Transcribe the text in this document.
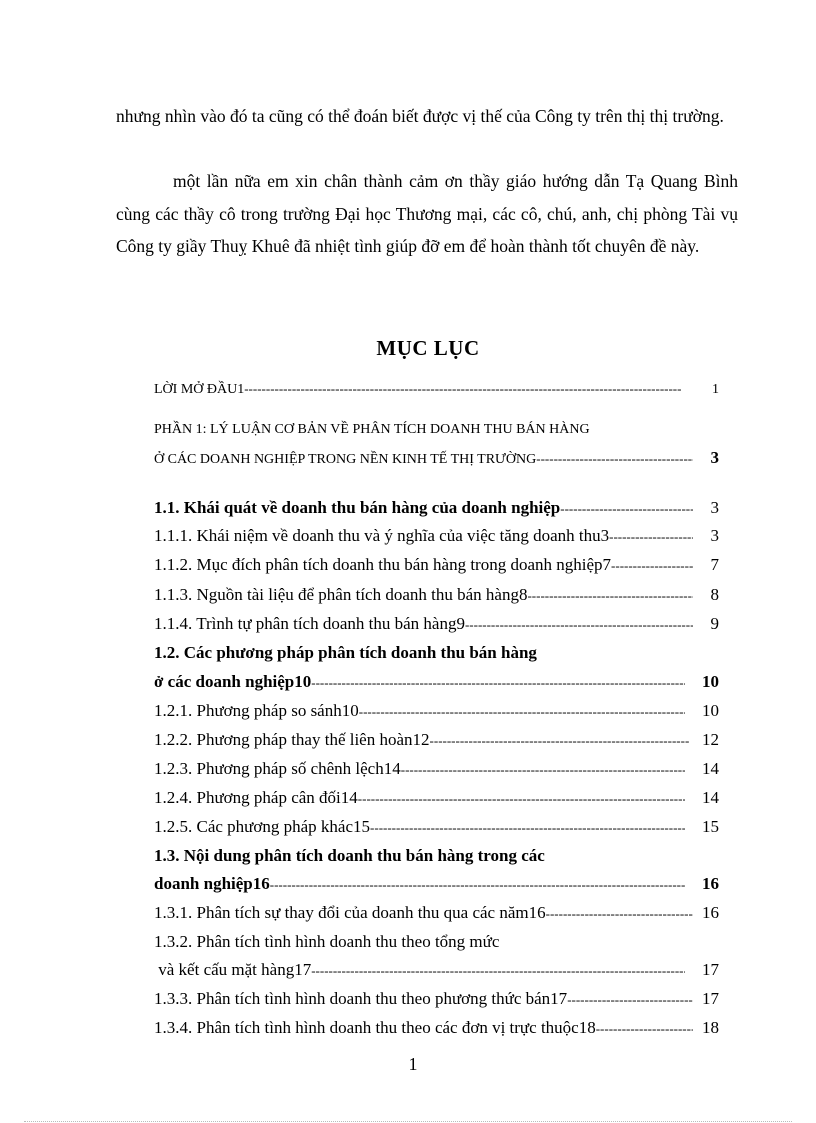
nhưng nhìn vào đó ta cũng có thể đoán biết được vị thế của Công ty trên thị thị trường.

một lần nữa em xin chân thành cảm ơn thầy giáo hướng dẫn Tạ Quang Bình cùng các thầy cô trong trường Đại học Thương mại, các cô, chú, anh, chị phòng Tài vụ Công ty giầy Thuỵ Khuê đã nhiệt tình giúp đỡ em để hoàn thành tốt chuyên đề này.

MỤC LỤC
LỜI MỞ ĐẦU1 -----	1
PHẦN 1: LÝ LUẬN CƠ BẢN VỀ PHÂN TÍCH DOANH THU BÁN HÀNG
Ở CÁC DOANH NGHIỆP TRONG NỀN KINH TẾ THỊ TRƯỜNG -----	3
1.1. Khái quát về doanh thu bán hàng của doanh nghiệp -----	3
1.1.1. Khái niệm về doanh thu và ý nghĩa của việc tăng doanh thu3 -----	3
1.1.2. Mục đích phân tích doanh thu bán hàng trong doanh nghiệp7 -----	7
1.1.3. Nguồn tài liệu để phân tích doanh thu bán hàng8 -----	8
1.1.4. Trình tự phân tích doanh thu bán hàng9 -----	9
1.2. Các phương pháp phân tích doanh thu bán hàng
ở các doanh nghiệp10 -----	10
1.2.1. Phương pháp so sánh10 -----	10
1.2.2. Phương pháp thay thế liên hoàn12 -----	12
1.2.3. Phương pháp số chênh lệch14 -----	14
1.2.4. Phương pháp cân đối14 -----	14
1.2.5. Các phương pháp khác15 -----	15
1.3. Nội dung phân tích doanh thu bán hàng trong các
doanh nghiệp16 -----	16
1.3.1. Phân tích sự thay đổi của doanh thu qua các năm16 -----	16
1.3.2. Phân tích tình hình doanh thu theo tổng mức
và kết cấu mặt hàng17 -----	17
1.3.3. Phân tích tình hình doanh thu theo phương thức bán17 -----	17
1.3.4. Phân tích tình hình doanh thu theo các đơn vị trực thuộc18 -----	18
1
